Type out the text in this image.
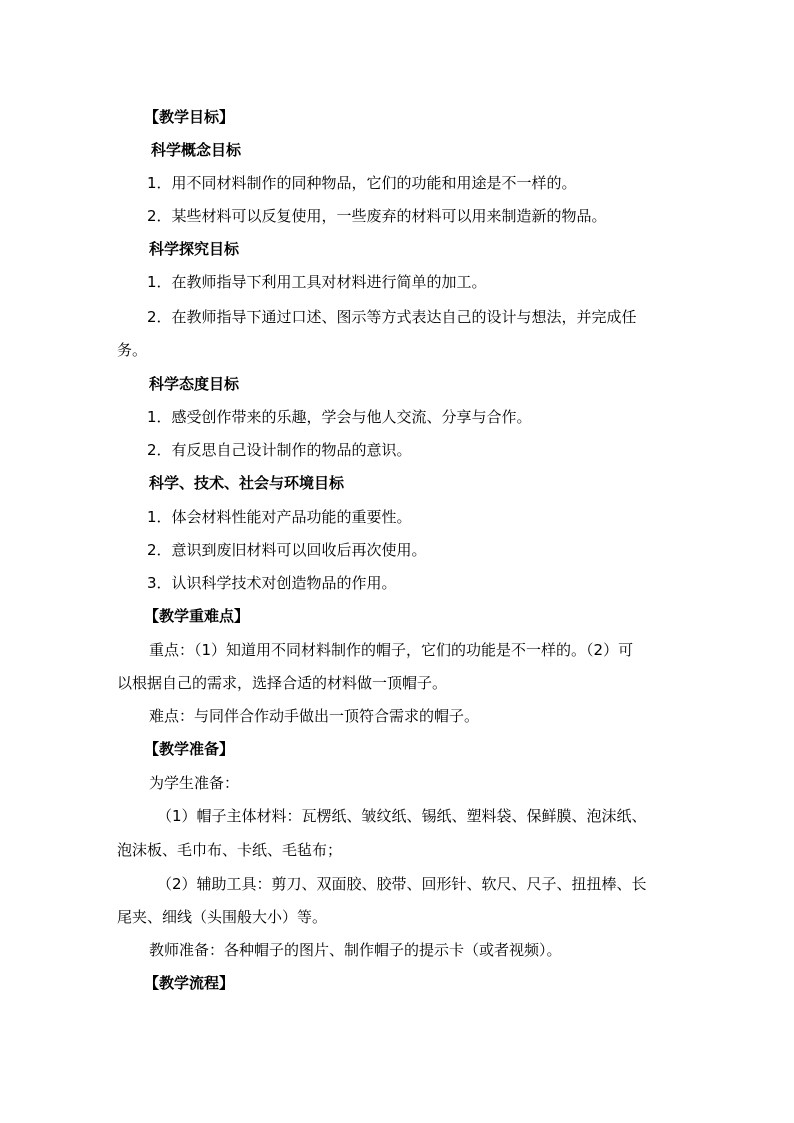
【教学目标】
科学概念目标
1．用不同材料制作的同种物品，它们的功能和用途是不一样的。
2．某些材料可以反复使用，一些废弃的材料可以用来制造新的物品。
科学探究目标
1．在教师指导下利用工具对材料进行简单的加工。
2．在教师指导下通过口述、图示等方式表达自己的设计与想法，并完成任
务。
科学态度目标
1．感受创作带来的乐趣，学会与他人交流、分享与合作。
2．有反思自己设计制作的物品的意识。
科学、技术、社会与环境目标
1．体会材料性能对产品功能的重要性。
2．意识到废旧材料可以回收后再次使用。
3．认识科学技术对创造物品的作用。
【教学重难点】
重点：（1）知道用不同材料制作的帽子，它们的功能是不一样的。（2）可
以根据自己的需求，选择合适的材料做一顶帽子。
难点：与同伴合作动手做出一顶符合需求的帽子。
【教学准备】
为学生准备：
（1）帽子主体材料：瓦楞纸、皱纹纸、锡纸、塑料袋、保鲜膜、泡沫纸、
泡沫板、毛巾布、卡纸、毛毡布；
（2）辅助工具：剪刀、双面胶、胶带、回形针、软尺、尺子、扭扭棒、长
尾夹、细线（头围般大小）等。
教师准备：各种帽子的图片、制作帽子的提示卡（或者视频）。
【教学流程】
